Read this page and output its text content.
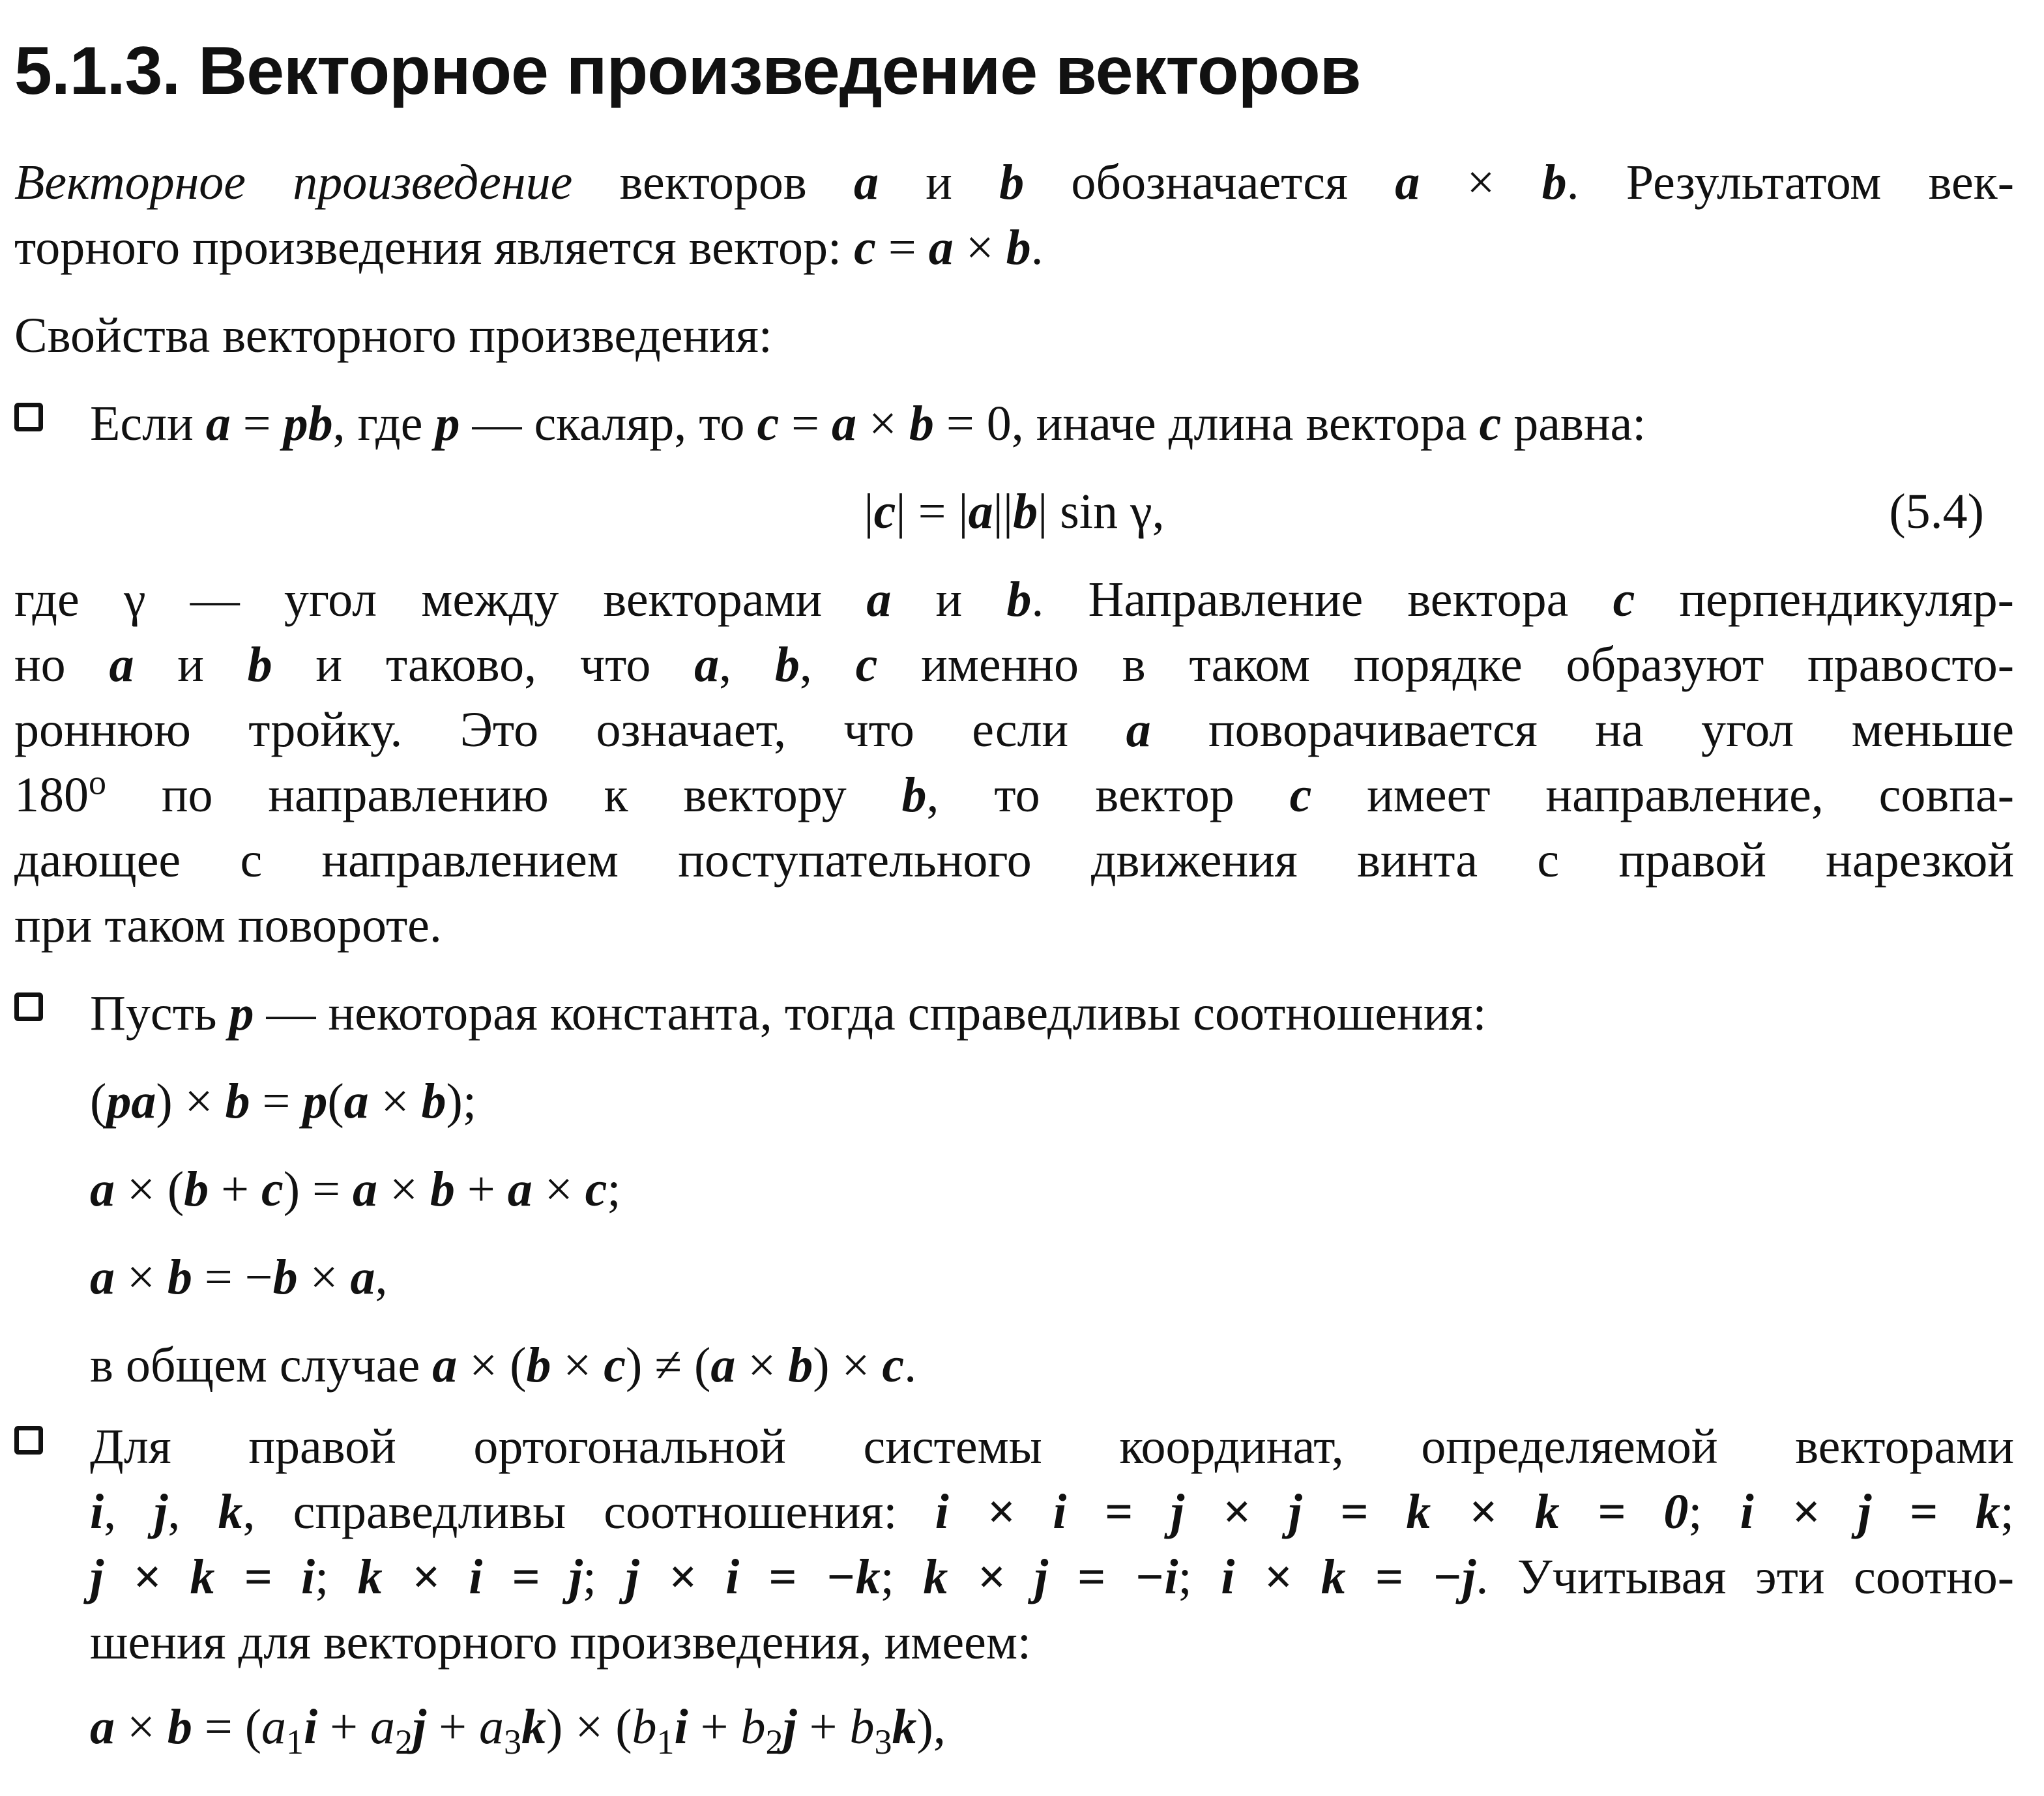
5.1.3. Векторное произведение векторов
Векторное произведение векторов a и b обозначается a × b. Результатом век-
торного произведения является вектор: c = a × b.
Свойства векторного произведения:
Если a = pb, где p — скаляр, то c = a × b = 0, иначе длина вектора c равна:
|c| = |a||b| sin γ,	(5.4)
где γ — угол между векторами a и b. Направление вектора c перпендикуляр-
но a и b и таково, что a, b, c именно в таком порядке образуют правосто-
роннюю тройку. Это означает, что если a поворачивается на угол меньше
$180^о$ по направлению к вектору b, то вектор c имеет направление, совпа-
дающее с направлением поступательного движения винта с правой нарезкой
при таком повороте.
Пусть p — некоторая константа, тогда справедливы соотношения:
(pa) × b = p(a × b);
a × (b + c) = a × b + a × c;
a × b = −b × a,
в общем случае a × (b × c) ≠ (a × b) × c.
Для правой ортогональной системы координат, определяемой векторами
i, j, k, справедливы соотношения: i × i = j × j = k × k = 0; i × j = k;
j × k = i; k × i = j; j × i = −k; k × j = −i; i × k = −j. Учитывая эти соотно-
шения для векторного произведения, имеем:
$a \times b = (a_1i + a_2j + a_3k) \times (b_1i + b_2j + b_3k)$,
